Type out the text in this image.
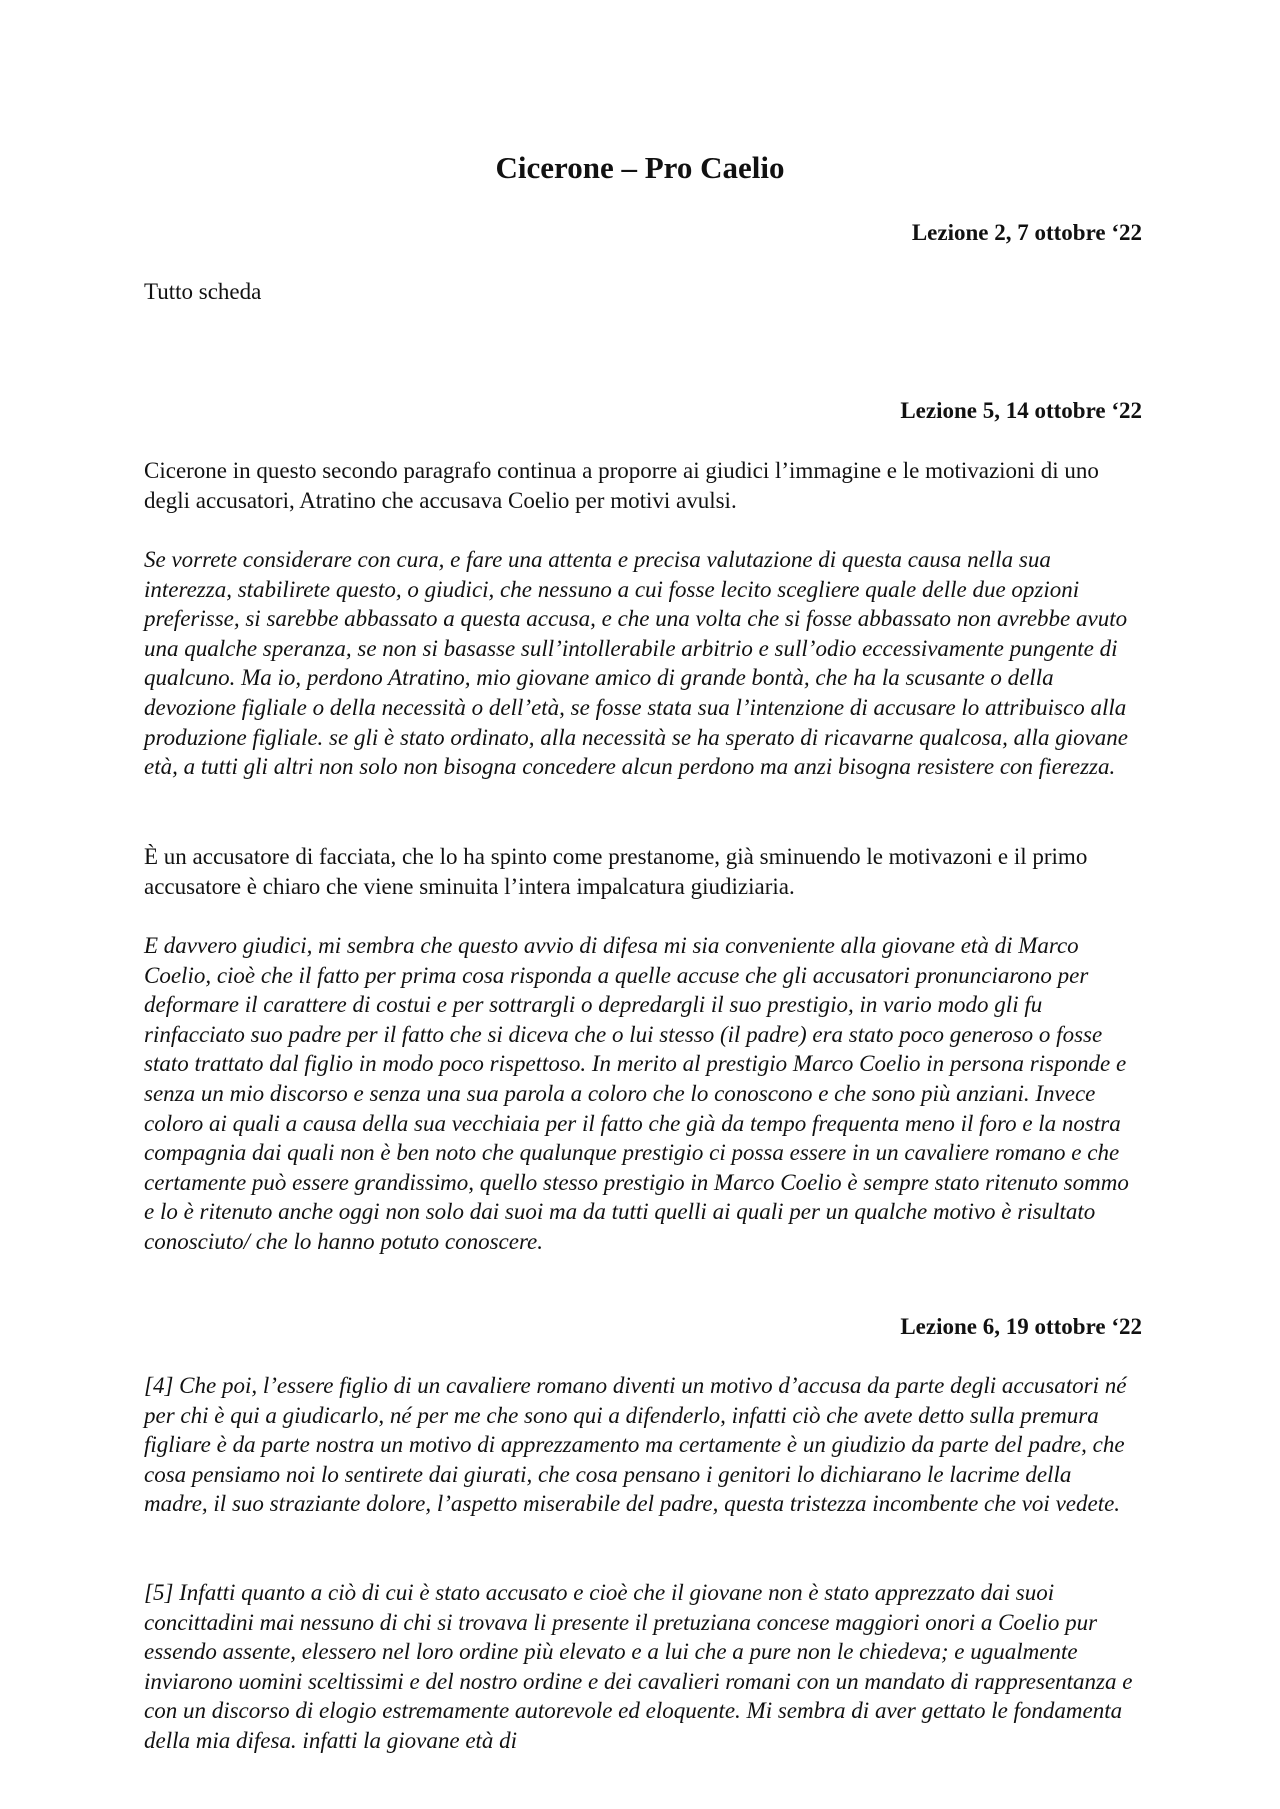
Cicerone – Pro Caelio
Lezione 2, 7 ottobre ‘22

Tutto scheda

Lezione 5, 14 ottobre ‘22

Cicerone in questo secondo paragrafo continua a proporre ai giudici l’immagine e le motivazioni di uno degli accusatori, Atratino che accusava Coelio per motivi avulsi.

Se vorrete considerare con cura, e fare una attenta e precisa valutazione di questa causa nella sua interezza, stabilirete questo, o giudici, che nessuno a cui fosse lecito scegliere quale delle due opzioni preferisse, si sarebbe abbassato a questa accusa, e che una volta che si fosse abbassato non avrebbe avuto una qualche speranza, se non si basasse sull’intollerabile arbitrio e sull’odio eccessivamente pungente di qualcuno. Ma io, perdono Atratino, mio giovane amico di grande bontà, che ha la scusante o della devozione figliale o della necessità o dell’età, se fosse stata sua l’intenzione di accusare lo attribuisco alla produzione figliale. se gli è stato ordinato, alla necessità se ha sperato di ricavarne qualcosa, alla giovane età, a tutti gli altri non solo non bisogna concedere alcun perdono ma anzi bisogna resistere con fierezza.

È un accusatore di facciata, che lo ha spinto come prestanome, già sminuendo le motivazoni e il primo accusatore è chiaro che viene sminuita l’intera impalcatura giudiziaria.

E davvero giudici, mi sembra che questo avvio di difesa mi sia conveniente alla giovane età di Marco Coelio, cioè che il fatto per prima cosa risponda a quelle accuse che gli accusatori pronunciarono per deformare il carattere di costui e per sottrargli o depredargli il suo prestigio, in vario modo gli fu rinfacciato suo padre per il fatto che si diceva che o lui stesso (il padre) era stato poco generoso o fosse stato trattato dal figlio in modo poco rispettoso. In merito al prestigio Marco Coelio in persona risponde e senza un mio discorso e senza una sua parola a coloro che lo conoscono e che sono più anziani. Invece coloro ai quali a causa della sua vecchiaia per il fatto che già da tempo frequenta meno il foro e la nostra compagnia dai quali non è ben noto che qualunque prestigio ci possa essere in un cavaliere romano e che certamente può essere grandissimo, quello stesso prestigio in Marco Coelio è sempre stato ritenuto sommo e lo è ritenuto anche oggi non solo dai suoi ma da tutti quelli ai quali per un qualche motivo è risultato conosciuto/ che lo hanno potuto conoscere.

Lezione 6, 19 ottobre ‘22

[4] Che poi, l’essere figlio di un cavaliere romano diventi un motivo d’accusa da parte degli accusatori né per chi è qui a giudicarlo, né per me che sono qui a difenderlo, infatti ciò che avete detto sulla premura figliare è da parte nostra un motivo di apprezzamento ma certamente è un giudizio da parte del padre, che cosa pensiamo noi lo sentirete dai giurati, che cosa pensano i genitori lo dichiarano le lacrime della madre, il suo straziante dolore, l’aspetto miserabile del padre, questa tristezza incombente che voi vedete.

[5] Infatti quanto a ciò di cui è stato accusato e cioè che il giovane non è stato apprezzato dai suoi concittadini mai nessuno di chi si trovava li presente il pretuziana concese maggiori onori a Coelio pur essendo assente, elessero nel loro ordine più elevato e a lui che a pure non le chiedeva; e ugualmente inviarono uomini sceltissimi e del nostro ordine e dei cavalieri romani con un mandato di rappresentanza e con un discorso di elogio estremamente autorevole ed eloquente. Mi sembra di aver gettato le fondamenta della mia difesa. infatti la giovane età di
